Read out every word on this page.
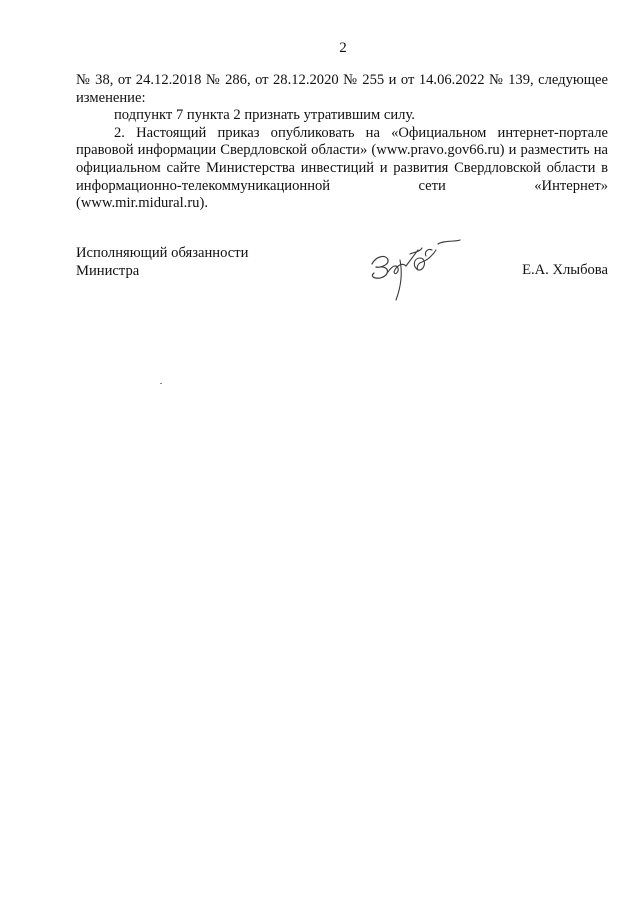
2

№ 38, от 24.12.2018 № 286, от 28.12.2020 № 255 и от 14.06.2022 № 139, следующее изменение:

подпункт 7 пункта 2 признать утратившим силу.

2. Настоящий приказ опубликовать на «Официальном интернет-портале правовой информации Свердловской области» (www.pravo.gov66.ru) и разместить на официальном сайте Министерства инвестиций и развития Свердловской области в информационно-телекоммуникационной сети «Интернет»

(www.mir.midural.ru).

Исполняющий обязанности
Министра	Е.А. Хлыбова
